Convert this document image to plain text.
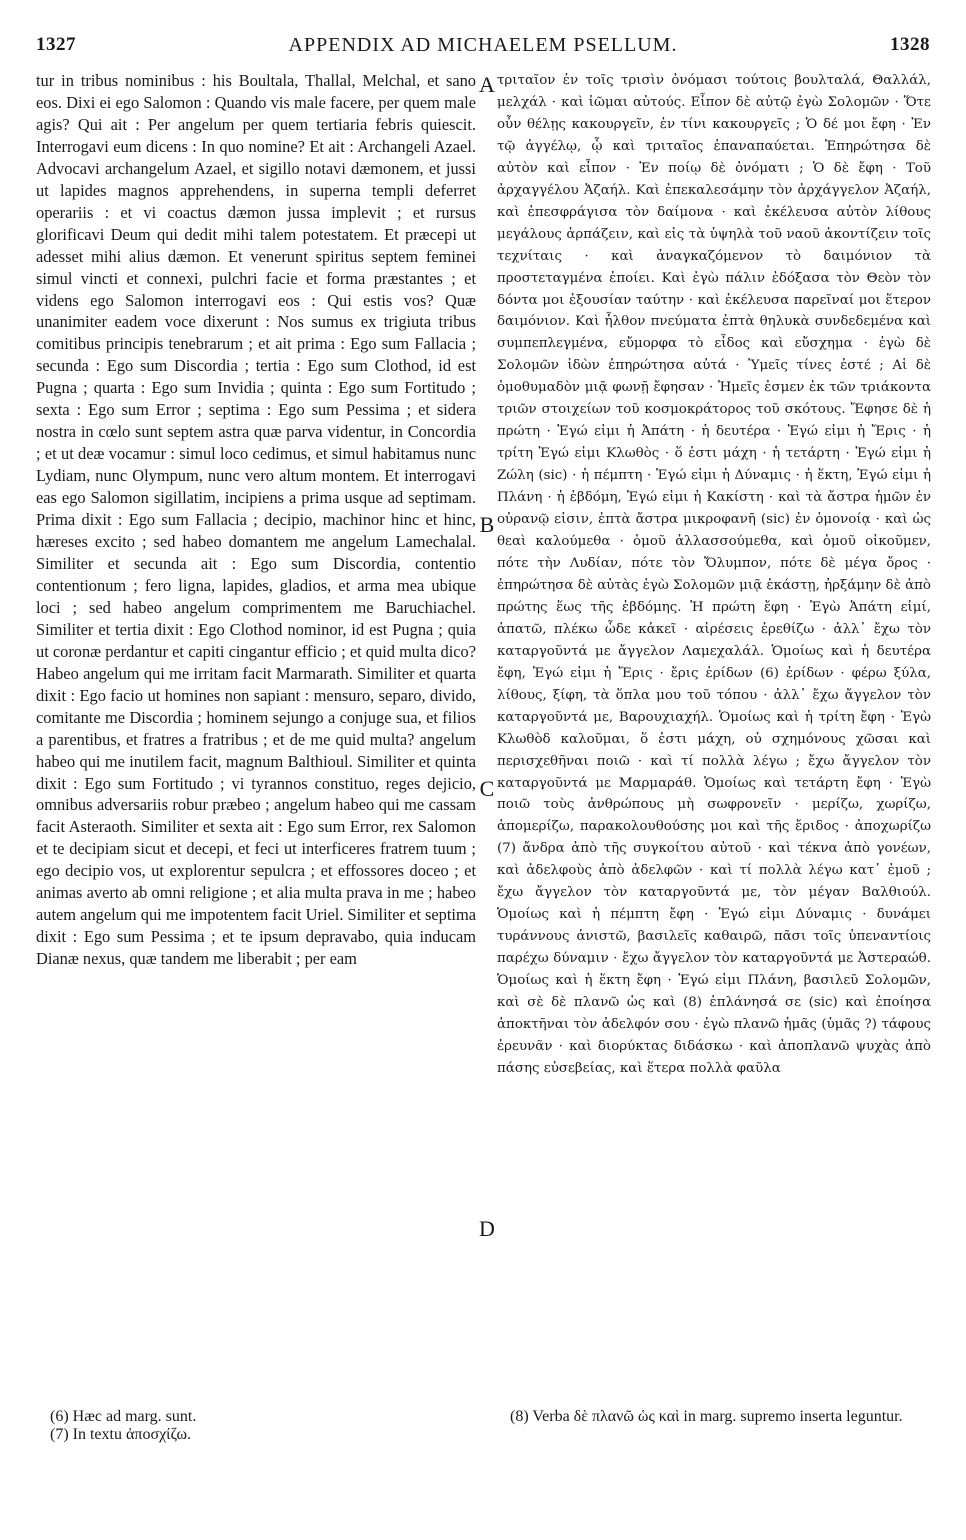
1327	APPENDIX AD MICHAELEM PSELLUM.	1328

tur in tribus nominibus : his Boultala, Thallal, Melchal, et sano eos. Dixi ei ego Salomon : Quando vis male facere, per quem male agis? Qui ait : Per angelum per quem tertiaria febris quiescit. Interrogavi eum dicens : In quo nomine? Et ait : Archangeli Azael. Advocavi archangelum Azael, et sigillo notavi dæmonem, et jussi ut lapides magnos apprehendens, in superna templi deferret operariis : et vi coactus dæmon jussa implevit ; et rursus glorificavi Deum qui dedit mihi talem potestatem. Et præcepi ut adesset mihi alius dæmon. Et venerunt spiritus septem feminei simul vincti et connexi, pulchri facie et forma præstantes ; et videns ego Salomon interrogavi eos : Qui estis vos? Quæ unanimiter eadem voce dixerunt : Nos sumus ex trigiuta tribus comitibus principis tenebrarum ; et ait prima : Ego sum Fallacia ; secunda : Ego sum Discordia ; tertia : Ego sum Clothod, id est Pugna ; quarta : Ego sum Invidia ; quinta : Ego sum Fortitudo ; sexta : Ego sum Error ; septima : Ego sum Pessima ; et sidera nostra in cœlo sunt septem astra quæ parva videntur, in Concordia ; et ut deæ vocamur : simul loco cedimus, et simul habitamus nunc Lydiam, nunc Olympum, nunc vero altum montem. Et interrogavi eas ego Salomon sigillatim, incipiens a prima usque ad septimam. Prima dixit : Ego sum Fallacia ; decipio, machinor hinc et hinc, hæreses excito ; sed habeo domantem me angelum Lamechalal. Similiter et secunda ait : Ego sum Discordia, contentio contentionum ; fero ligna, lapides, gladios, et arma mea ubique loci ; sed habeo angelum comprimentem me Baruchiachel. Similiter et tertia dixit : Ego Clothod nominor, id est Pugna ; quia ut coronæ perdantur et capiti cingantur efficio ; et quid multa dico? Habeo angelum qui me irritam facit Marmarath. Similiter et quarta dixit : Ego facio ut homines non sapiant : mensuro, separo, divido, comitante me Discordia ; hominem sejungo a conjuge sua, et filios a parentibus, et fratres a fratribus ; et de me quid multa? angelum habeo qui me inutilem facit, magnum Balthioul. Similiter et quinta dixit : Ego sum Fortitudo ; vi tyrannos constituo, reges dejicio, omnibus adversariis robur præbeo ; angelum habeo qui me cassam facit Asteraoth. Similiter et sexta ait : Ego sum Error, rex Salomon et te decipiam sicut et decepi, et feci ut interficeres fratrem tuum ; ego decipio vos, ut explorentur sepulcra ; et effossores doceo ; et animas averto ab omni religione ; et alia multa prava in me ; habeo autem angelum qui me impotentem facit Uriel. Similiter et septima dixit : Ego sum Pessima ; et te ipsum depravabo, quia inducam Dianæ nexus, quæ tandem me liberabit ; per eam

A
B
C
D

τριταῖον ἐν τοῖς τρισὶν ὀνόμασι τούτοις βουλταλά, Θαλλάλ, μελχάλ · καὶ ἰῶμαι αὐτούς. Εἶπον δὲ αὐτῷ ἐγὼ Σολομῶν · Ὅτε οὖν θέλῃς κακουργεῖν, ἐν τίνι κακουργεῖς ; Ὁ δέ μοι ἔφη · Ἐν τῷ ἀγγέλῳ, ᾧ καὶ τριταῖος ἐπαναπαύεται. Ἐπηρώτησα δὲ αὐτὸν καὶ εἶπον · Ἐν ποίῳ δὲ ὀνόματι ; Ὁ δὲ ἔφη · Τοῦ ἀρχαγγέλου Ἀζαήλ. Καὶ ἐπεκαλεσάμην τὸν ἀρχάγγελον Ἀζαήλ, καὶ ἐπεσφράγισα τὸν δαίμονα · καὶ ἐκέλευσα αὐτὸν λίθους μεγάλους ἁρπάζειν, καὶ εἰς τὰ ὑψηλὰ τοῦ ναοῦ ἀκοντίζειν τοῖς τεχνίταις · καὶ ἀναγκαζόμενον τὸ δαιμόνιον τὰ προστεταγμένα ἐποίει. Καὶ ἐγὼ πάλιν ἐδόξασα τὸν Θεὸν τὸν δόντα μοι ἐξουσίαν ταύτην · καὶ ἐκέλευσα παρεῖναί μοι ἕτερον δαιμόνιον. Καὶ ἦλθον πνεύματα ἑπτὰ θηλυκὰ συνδεδεμένα καὶ συμπεπλεγμένα, εὔμορφα τὸ εἶδος καὶ εὔσχημα · ἐγὼ δὲ Σολομῶν ἰδὼν ἐπηρώτησα αὐτά · Ὑμεῖς τίνες ἐστέ ; Αἱ δὲ ὁμοθυμαδὸν μιᾷ φωνῇ ἔφησαν · Ἡμεῖς ἐσμεν ἐκ τῶν τριάκοντα τριῶν στοιχείων τοῦ κοσμοκράτορος τοῦ σκότους. Ἔφησε δὲ ἡ πρώτη · Ἐγώ εἰμι ἡ Ἀπάτη · ἡ δευτέρα · Ἐγώ εἰμι ἡ Ἔρις · ἡ τρίτη Ἐγώ εἰμι Κλωθὸς · ὅ ἐστι μάχη · ἡ τετάρτη · Ἐγώ εἰμι ἡ Ζώλη (sic) · ἡ πέμπτη · Ἐγώ εἰμι ἡ Δύναμις · ἡ ἕκτη, Ἐγώ εἰμι ἡ Πλάνη · ἡ ἑβδόμη, Ἐγώ εἰμι ἡ Κακίστη · καὶ τὰ ἄστρα ἡμῶν ἐν οὐρανῷ εἰσιν, ἑπτὰ ἄστρα μικροφανῆ (sic) ἐν ὁμονοίᾳ · καὶ ὡς θεαὶ καλούμεθα · ὁμοῦ ἀλλασσούμεθα, καὶ ὁμοῦ οἰκοῦμεν, πότε τὴν Λυδίαν, πότε τὸν Ὄλυμπον, πότε δὲ μέγα ὄρος · ἐπηρώτησα δὲ αὐτὰς ἐγὼ Σολομῶν μιᾷ ἑκάστῃ, ἠρξάμην δὲ ἀπὸ πρώτης ἕως τῆς ἑβδόμης. Ἡ πρώτη ἔφη · Ἐγὼ Ἀπάτη εἰμί, ἀπατῶ, πλέκω ὧδε κἀκεῖ · αἱρέσεις ἐρεθίζω · ἀλλ᾽ ἔχω τὸν καταργοῦντά με ἄγγελον Λαμεχαλάλ. Ὁμοίως καὶ ἡ δευτέρα ἔφη, Ἐγώ εἰμι ἡ Ἔρις · ἔρις ἐρίδων (6) ἐρίδων · φέρω ξύλα, λίθους, ξίφη, τὰ ὅπλα μου τοῦ τόπου · ἀλλ᾽ ἔχω ἄγγελον τὸν καταργοῦντά με, Βαρουχιαχήλ. Ὁμοίως καὶ ἡ τρίτη ἔφη · Ἐγὼ Κλωθὸδ καλοῦμαι, ὅ ἐστι μάχη, οὐ σχημόνους χῶσαι καὶ περισχεθῆναι ποιῶ · καὶ τί πολλὰ λέγω ; ἔχω ἄγγελον τὸν καταργοῦντά με Μαρμαράθ. Ὁμοίως καὶ τετάρτη ἔφη · Ἐγὼ ποιῶ τοὺς ἀνθρώπους μὴ σωφρονεῖν · μερίζω, χωρίζω, ἀπομερίζω, παρακολουθούσης μοι καὶ τῆς ἔριδος · ἀποχωρίζω (7) ἄνδρα ἀπὸ τῆς συγκοίτου αὐτοῦ · καὶ τέκνα ἀπὸ γονέων, καὶ ἀδελφοὺς ἀπὸ ἀδελφῶν · καὶ τί πολλὰ λέγω κατ᾽ ἐμοῦ ; ἔχω ἄγγελον τὸν καταργοῦντά με, τὸν μέγαν Βαλθιούλ. Ὁμοίως καὶ ἡ πέμπτη ἔφη · Ἐγώ εἰμι Δύναμις · δυνάμει τυράννους ἀνιστῶ, βασιλεῖς καθαιρῶ, πᾶσι τοῖς ὑπεναντίοις παρέχω δύναμιν · ἔχω ἄγγελον τὸν καταργοῦντά με Ἀστεραώθ. Ὁμοίως καὶ ἡ ἕκτη ἔφη · Ἐγώ εἰμι Πλάνη, βασιλεῦ Σολομῶν, καὶ σὲ δὲ πλανῶ ὡς καὶ (8) ἐπλάνησά σε (sic) καὶ ἐποίησα ἀποκτῆναι τὸν ἀδελφόν σου · ἐγὼ πλανῶ ἡμᾶς (ὑμᾶς ?) τάφους ἐρευνᾶν · καὶ διορύκτας διδάσκω · καὶ ἀποπλανῶ ψυχὰς ἀπὸ πάσης εὐσεβείας, καὶ ἕτερα πολλὰ φαῦλα

(6) Hæc ad marg. sunt.
(7) In textu ἀποσχίζω.
(8) Verba δὲ πλανῶ ὡς καὶ in marg. supremo inserta leguntur.
